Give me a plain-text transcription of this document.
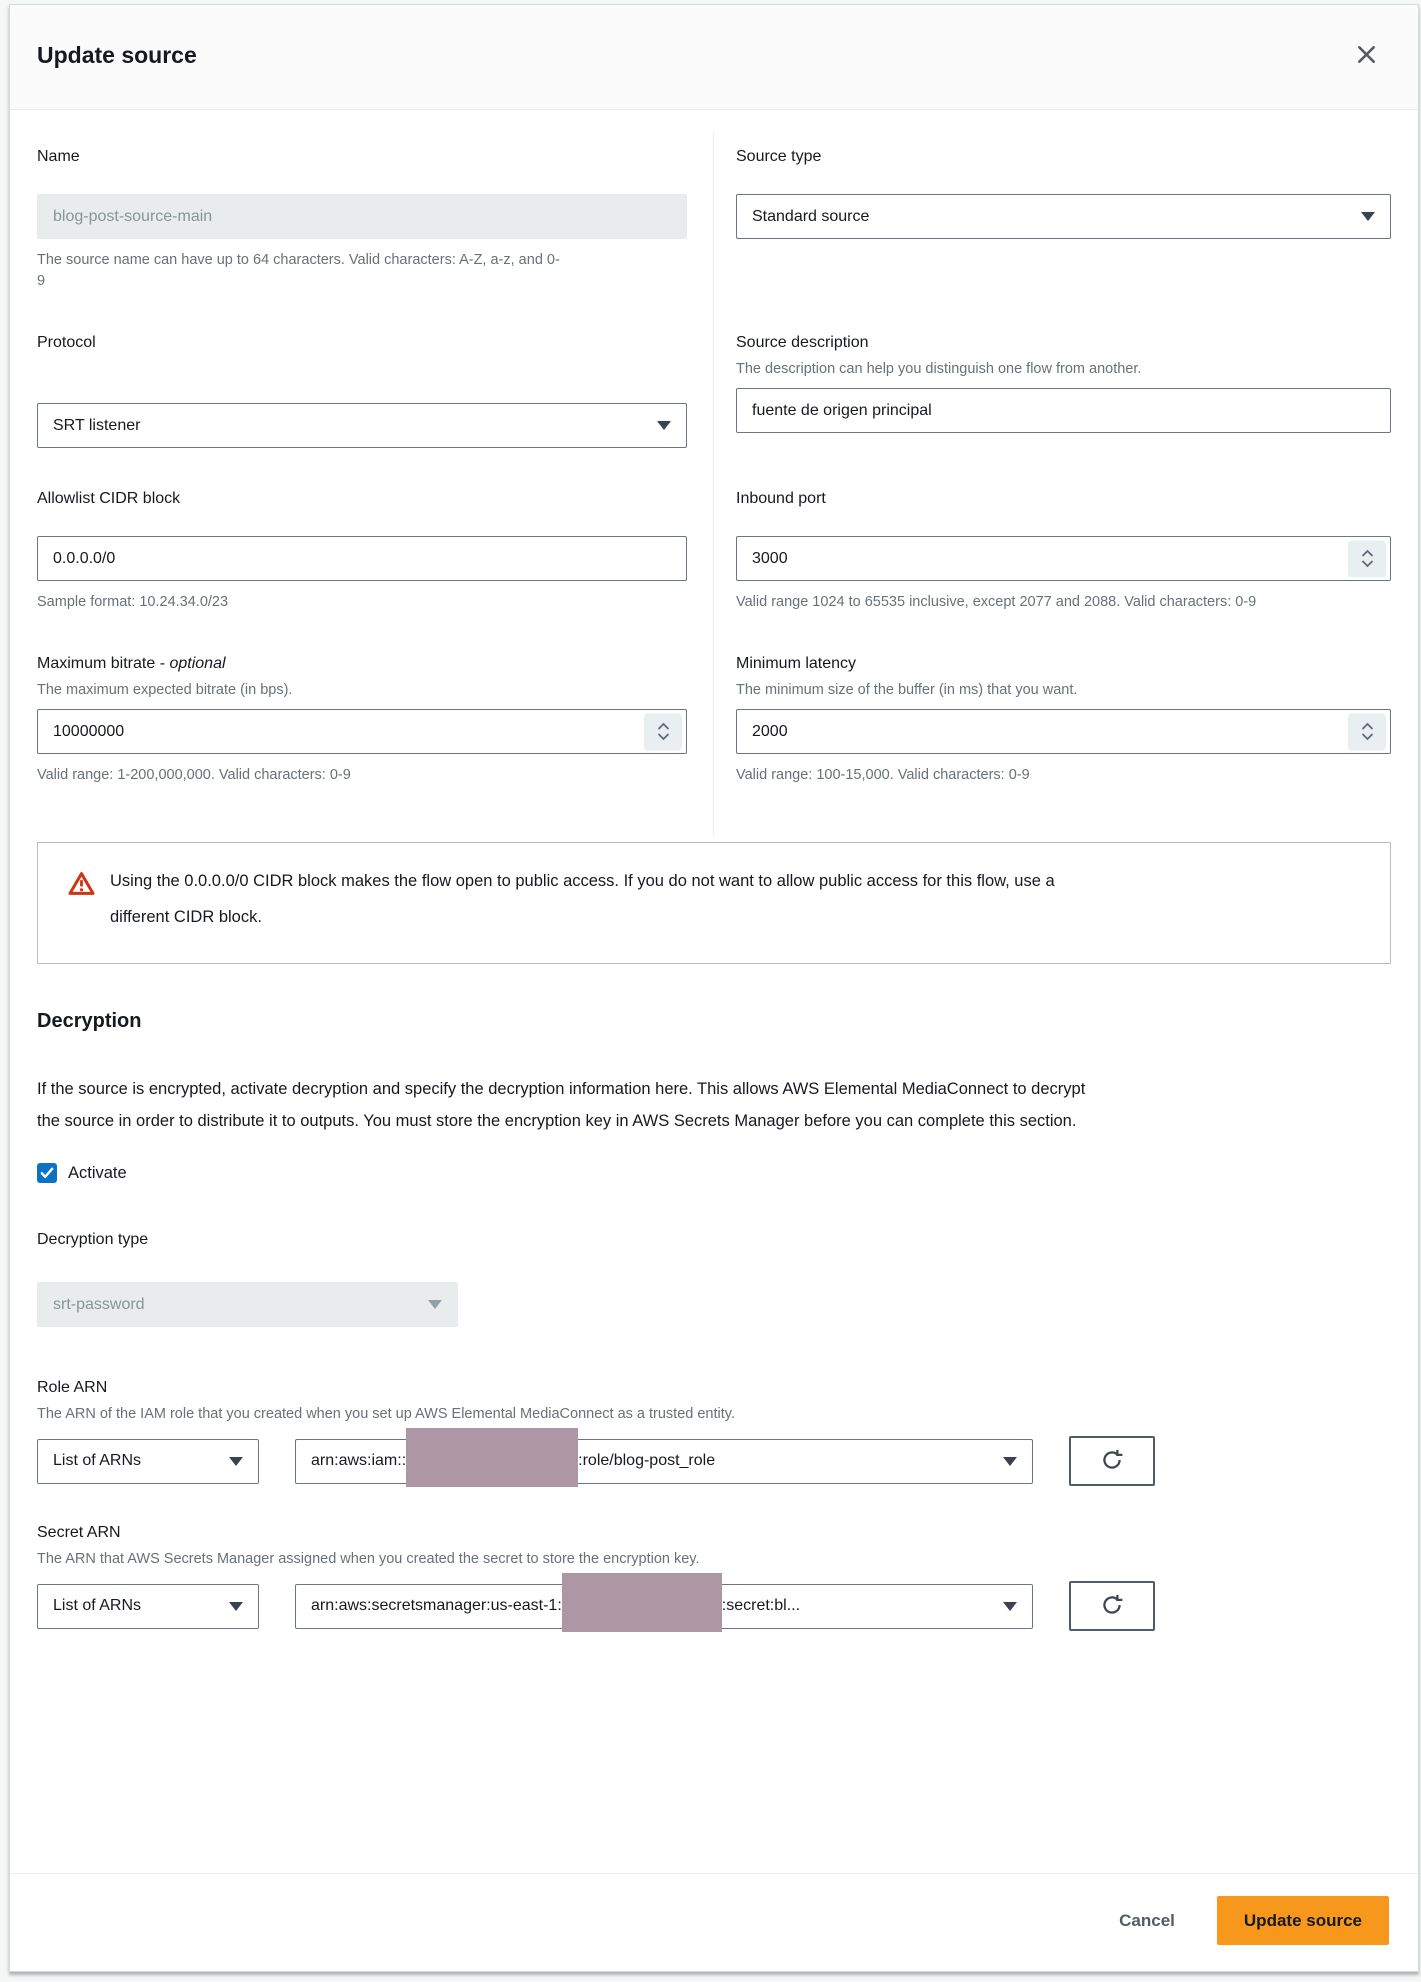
Update source
Name
blog-post-source-main
The source name can have up to 64 characters. Valid characters: A-Z, a-z, and 0-9
Source type
Standard source
Protocol
SRT listener
Source description
The description can help you distinguish one flow from another.
fuente de origen principal
Allowlist CIDR block
0.0.0.0/0
Sample format: 10.24.34.0/23
Inbound port
3000
Valid range 1024 to 65535 inclusive, except 2077 and 2088. Valid characters: 0-9
Maximum bitrate - optional
The maximum expected bitrate (in bps).
10000000
Valid range: 1-200,000,000. Valid characters: 0-9
Minimum latency
The minimum size of the buffer (in ms) that you want.
2000
Valid range: 100-15,000. Valid characters: 0-9
Using the 0.0.0.0/0 CIDR block makes the flow open to public access. If you do not want to allow public access for this flow, use a different CIDR block.
Decryption

If the source is encrypted, activate decryption and specify the decryption information here. This allows AWS Elemental MediaConnect to decrypt the source in order to distribute it to outputs. You must store the encryption key in AWS Secrets Manager before you can complete this section.

Activate
Decryption type
srt-password
Role ARN
The ARN of the IAM role that you created when you set up AWS Elemental MediaConnect as a trusted entity.
List of ARNs	arn:aws:iam::	:role/blog-post_role
Secret ARN
The ARN that AWS Secrets Manager assigned when you created the secret to store the encryption key.
List of ARNs	arn:aws:secretsmanager:us-east-1:	:secret:bl...
Cancel	Update source
